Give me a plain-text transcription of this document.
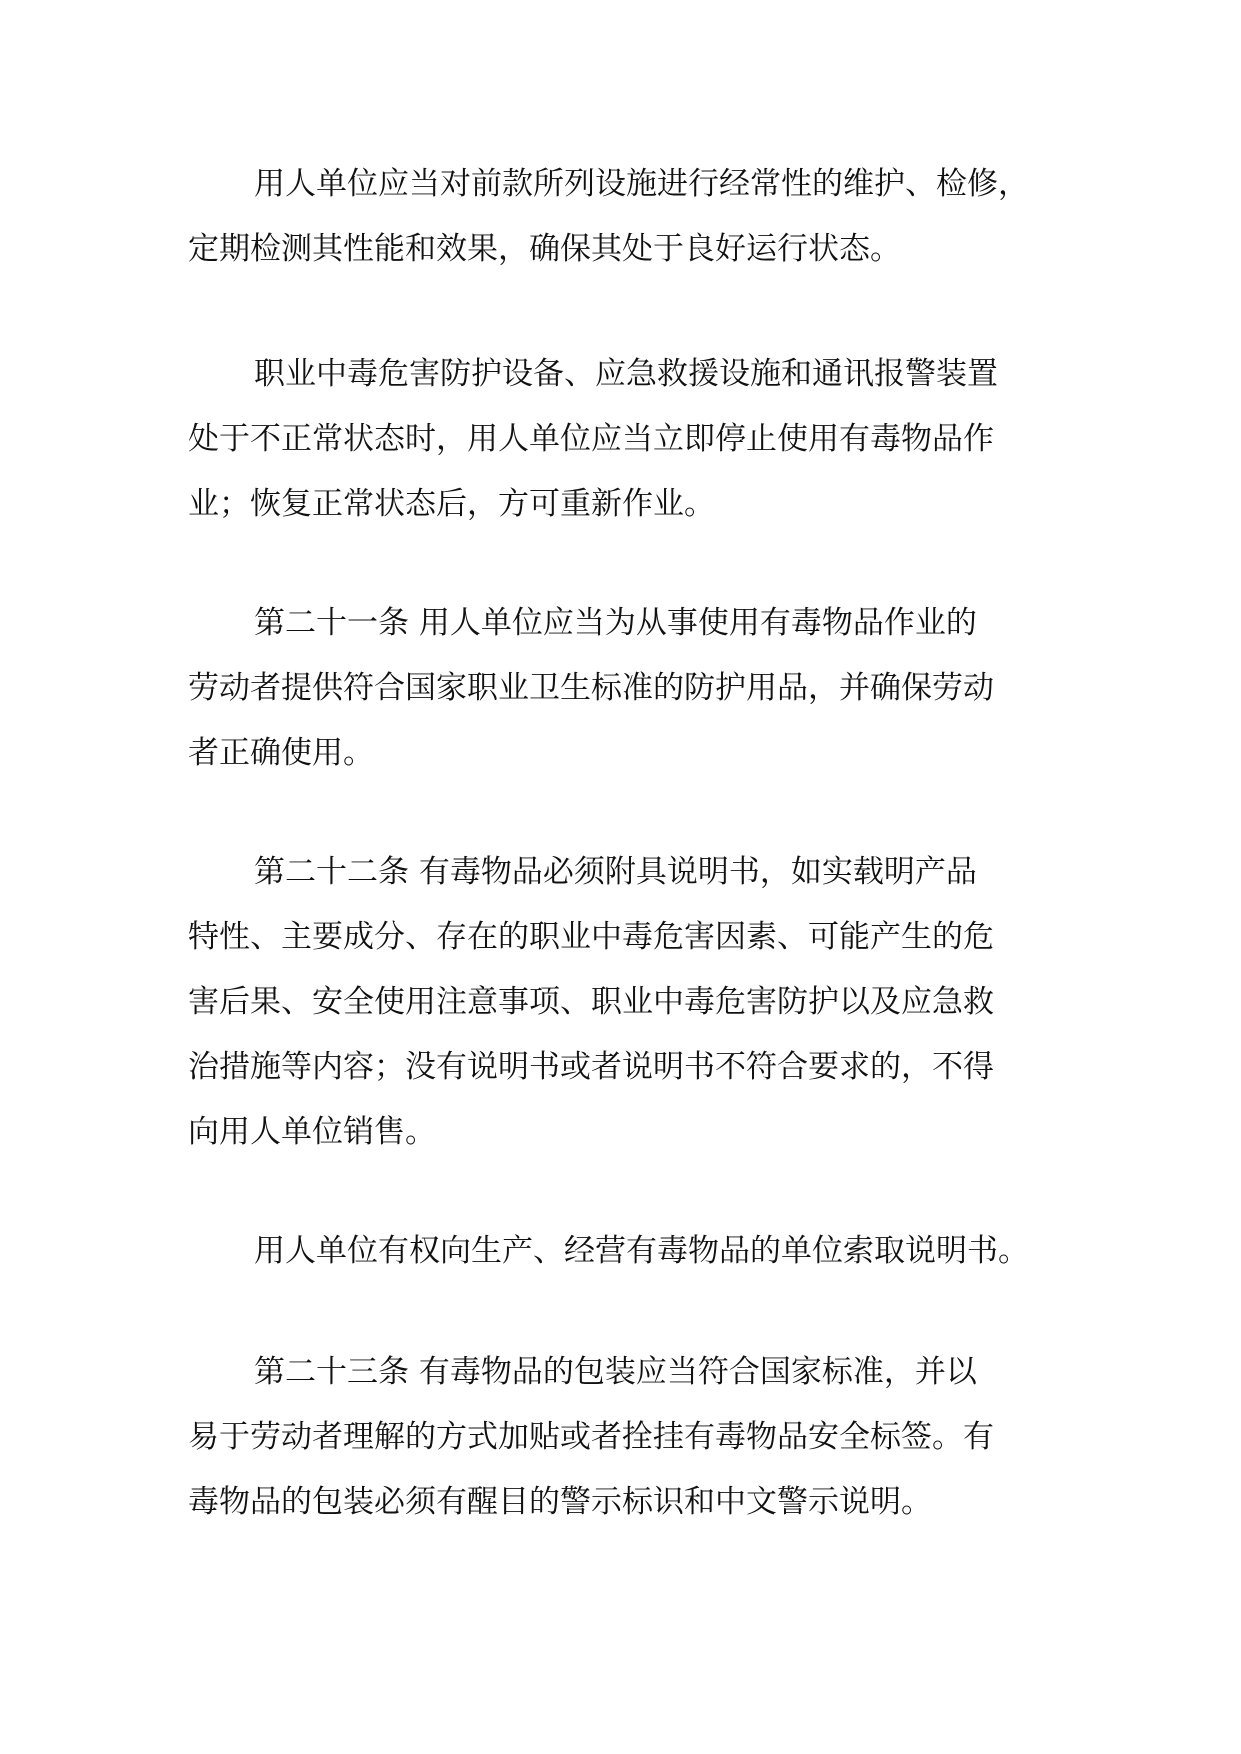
用人单位应当对前款所列设施进行经常性的维护、检修，
定期检测其性能和效果，确保其处于良好运行状态。

职业中毒危害防护设备、应急救援设施和通讯报警装置
处于不正常状态时，用人单位应当立即停止使用有毒物品作
业；恢复正常状态后，方可重新作业。

第二十一条 用人单位应当为从事使用有毒物品作业的
劳动者提供符合国家职业卫生标准的防护用品，并确保劳动
者正确使用。

第二十二条 有毒物品必须附具说明书，如实载明产品
特性、主要成分、存在的职业中毒危害因素、可能产生的危
害后果、安全使用注意事项、职业中毒危害防护以及应急救
治措施等内容；没有说明书或者说明书不符合要求的，不得
向用人单位销售。

用人单位有权向生产、经营有毒物品的单位索取说明书。

第二十三条 有毒物品的包装应当符合国家标准，并以
易于劳动者理解的方式加贴或者拴挂有毒物品安全标签。有
毒物品的包装必须有醒目的警示标识和中文警示说明。
